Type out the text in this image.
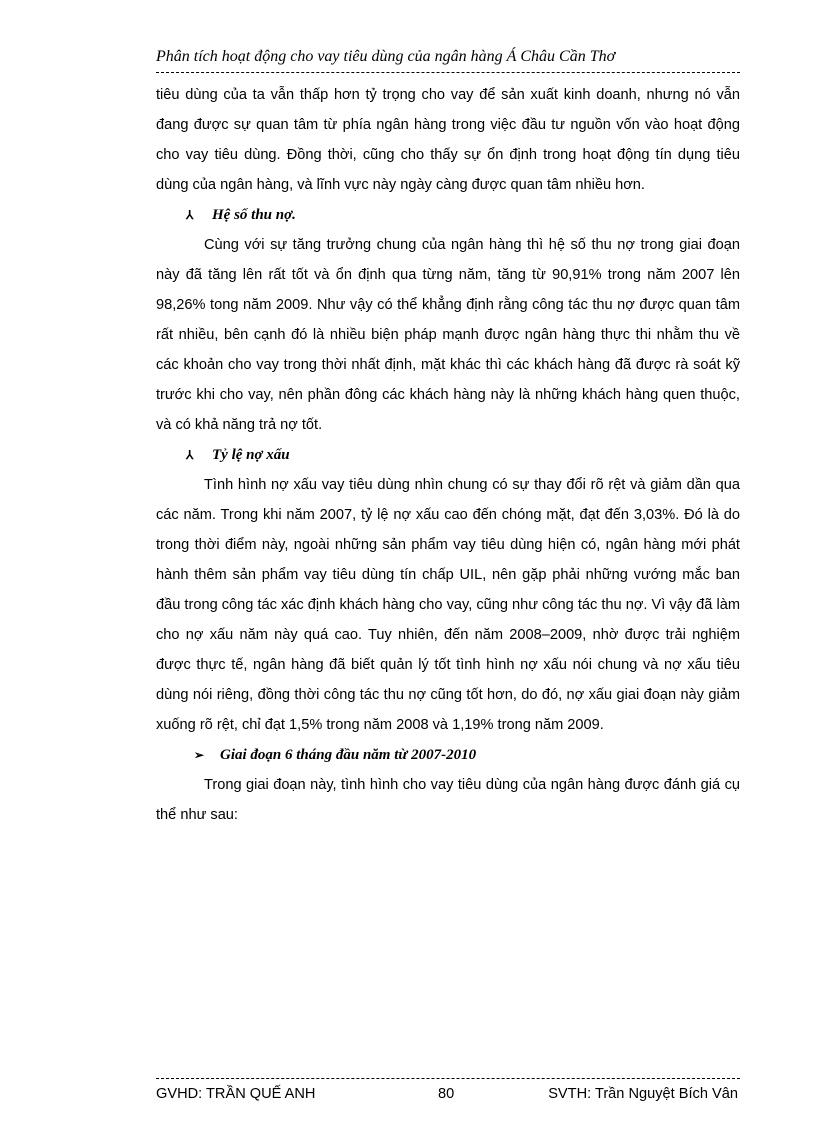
Phân tích hoạt động cho vay tiêu dùng của ngân hàng Á Châu Cần Thơ

tiêu dùng của ta vẫn thấp hơn tỷ trọng cho vay để sản xuất kinh doanh, nhưng nó vẫn đang được sự quan tâm từ phía ngân hàng trong việc đầu tư nguồn vốn vào hoạt động cho vay tiêu dùng. Đồng thời, cũng cho thấy sự ổn định trong hoạt động tín dụng tiêu dùng của ngân hàng, và lĩnh vực này ngày càng được quan tâm nhiều hơn.

⅄	Hệ số thu nợ.

Cùng với sự tăng trưởng chung của ngân hàng thì hệ số thu nợ trong giai đoạn này đã tăng lên rất tốt và ổn định qua từng năm, tăng từ 90,91% trong năm 2007 lên 98,26% tong năm 2009. Như vậy có thể khẳng định rằng công tác thu nợ được quan tâm rất nhiều, bên cạnh đó là nhiều biện pháp mạnh được ngân hàng thực thi nhằm thu về các khoản cho vay trong thời nhất định, mặt khác thì các khách hàng đã được rà soát kỹ trước khi cho vay, nên phần đông các khách hàng này là những khách hàng quen thuộc, và có khả năng trả nợ tốt.

⅄	Tỷ lệ nợ xấu

Tình hình nợ xấu vay tiêu dùng nhìn chung có sự thay đổi rõ rệt và giảm dần qua các năm. Trong khi năm 2007, tỷ lệ nợ xấu cao đến chóng mặt, đạt đến 3,03%. Đó là do trong thời điểm này, ngoài những sản phẩm vay tiêu dùng hiện có, ngân hàng mới phát hành thêm sản phẩm vay tiêu dùng tín chấp UIL, nên gặp phải những vướng mắc ban đầu trong công tác xác định khách hàng cho vay, cũng như công tác thu nợ. Vì vậy đã làm cho nợ xấu năm này quá cao. Tuy nhiên, đến năm 2008–2009, nhờ được trải nghiệm được thực tế, ngân hàng đã biết quản lý tốt tình hình nợ xấu nói chung và nợ xấu tiêu dùng nói riêng, đồng thời công tác thu nợ cũng tốt hơn, do đó, nợ xấu giai đoạn này giảm xuống rõ rệt, chỉ đạt 1,5% trong năm 2008 và 1,19% trong năm 2009.

➢	Giai đoạn 6 tháng đầu năm từ 2007-2010

Trong giai đoạn này, tình hình cho vay tiêu dùng của ngân hàng được đánh giá cụ thể như sau:

GVHD: TRẦN QUẾ ANH	80	SVTH: Trần Nguyệt Bích Vân
